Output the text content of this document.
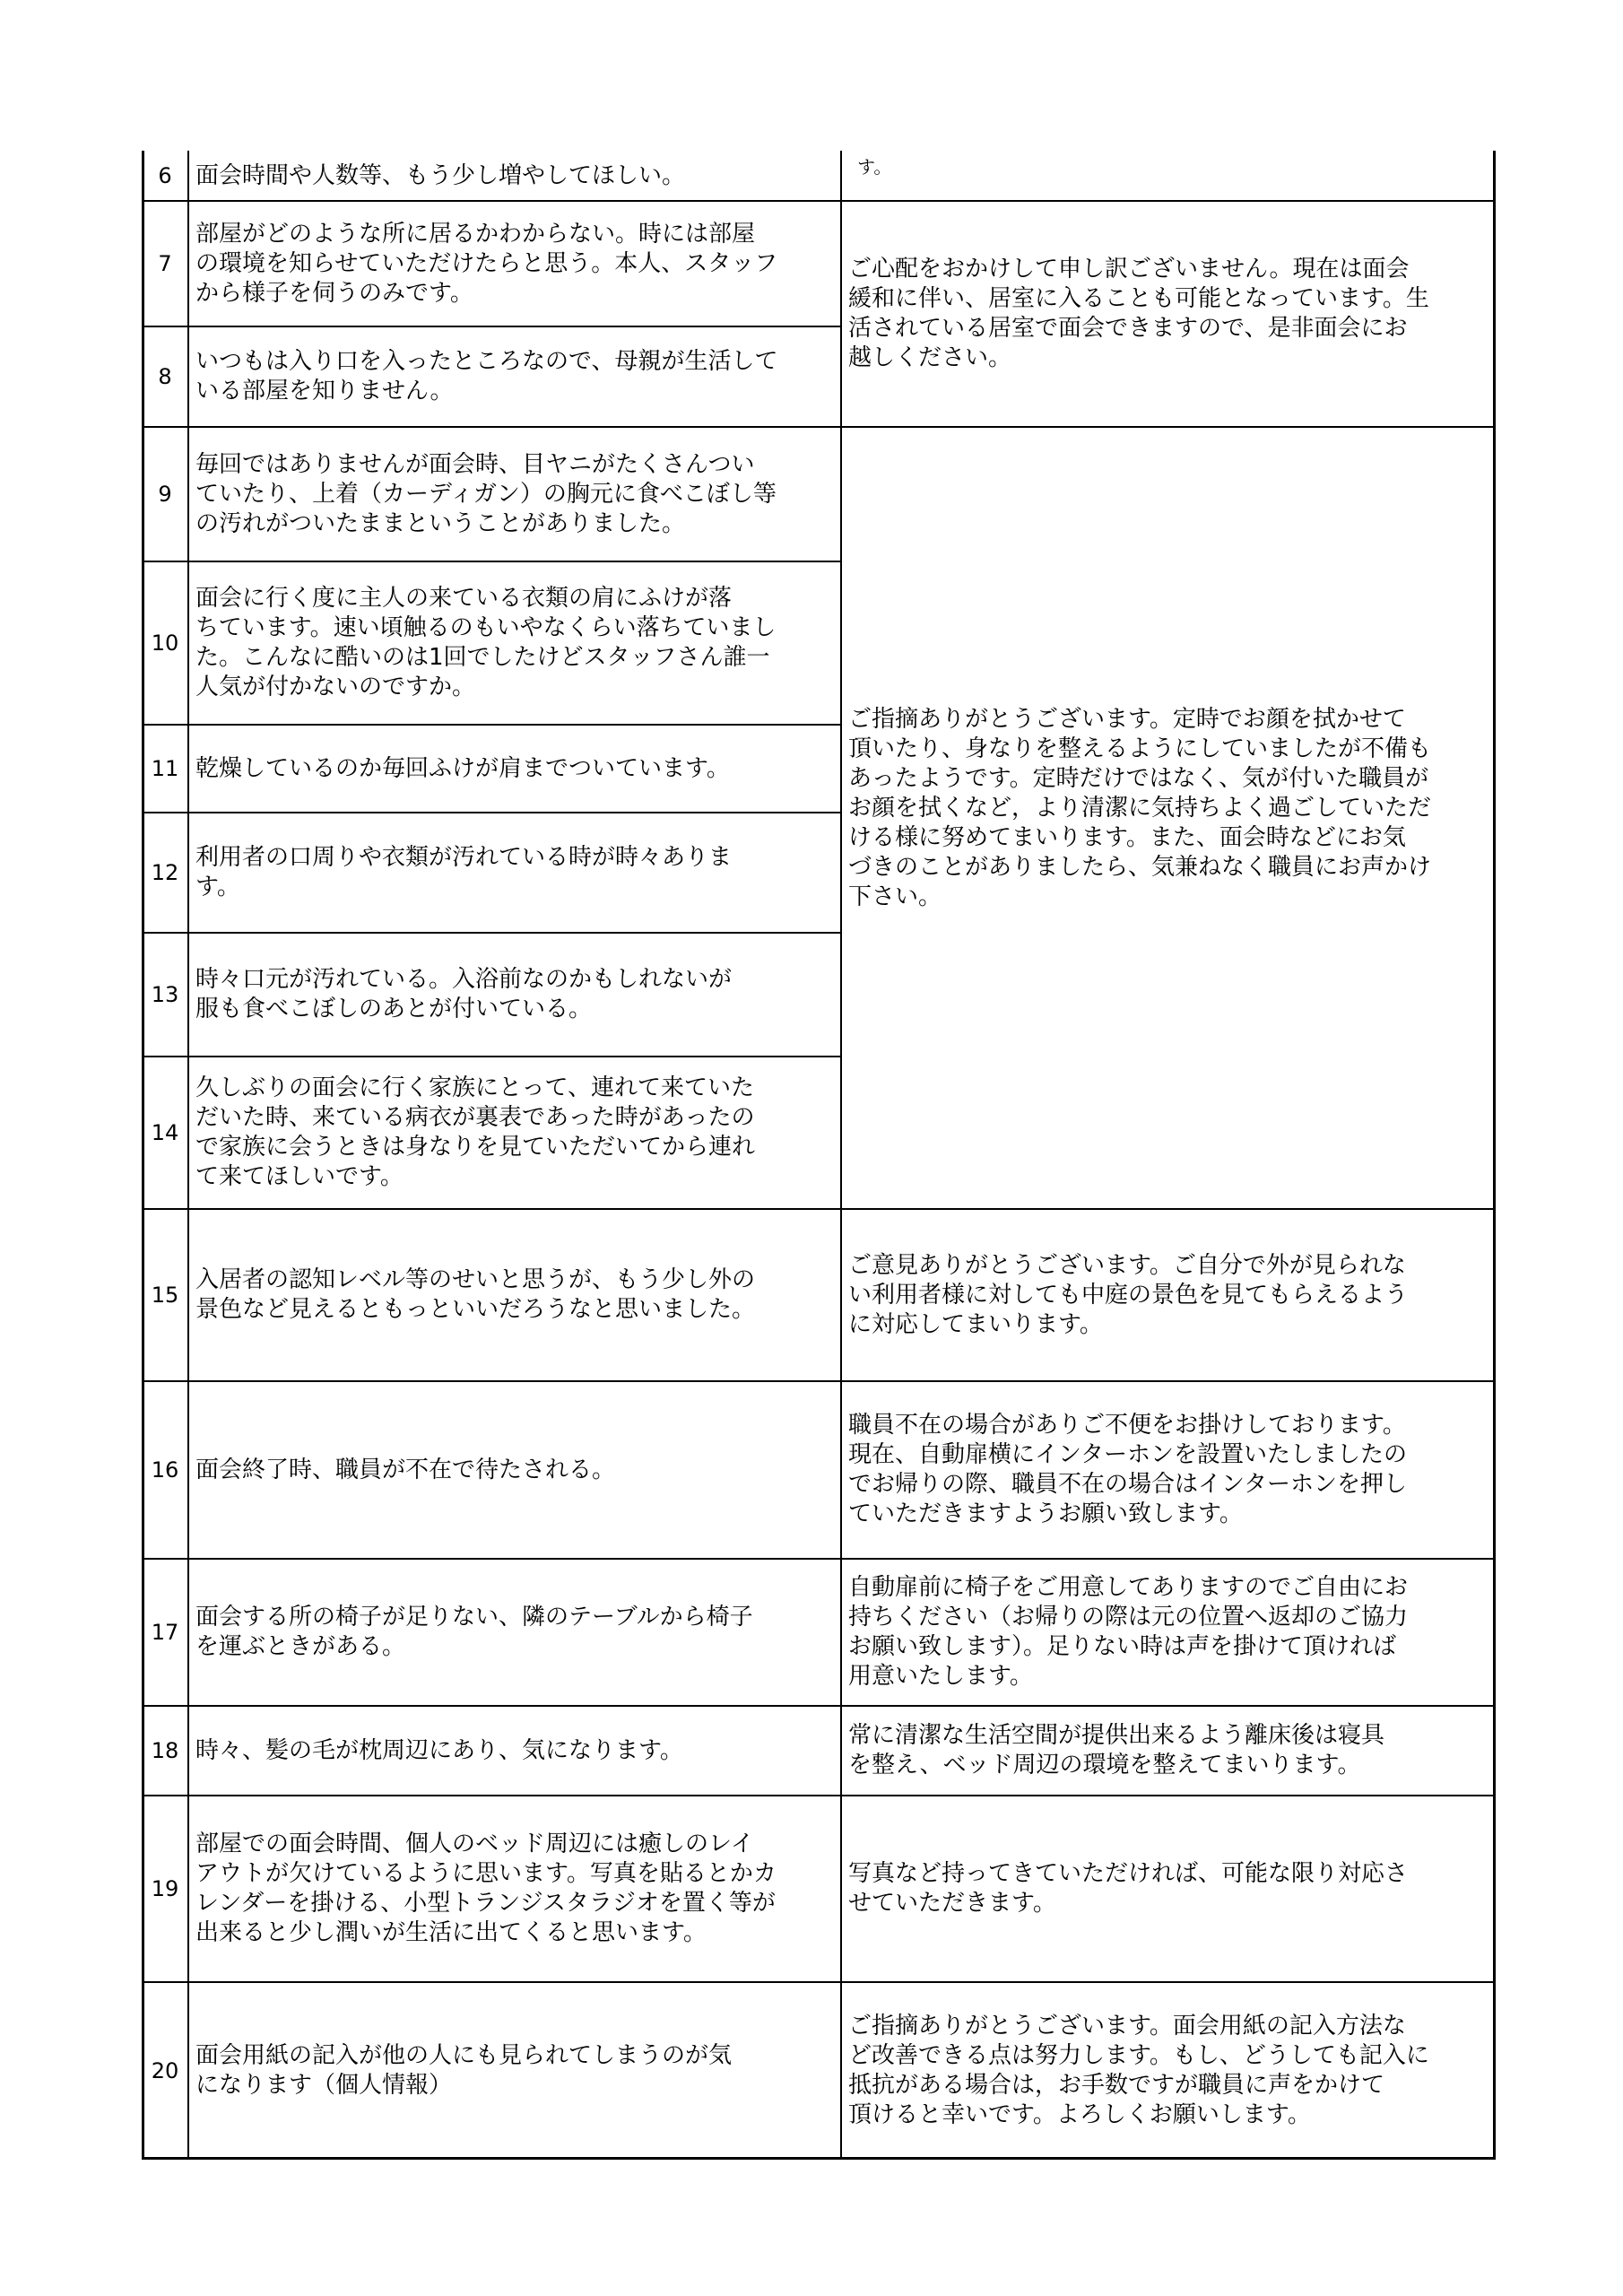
6 面会時間や人数等、もう少し増やしてほしい。
7
部屋がどのような所に居るかわからない。時には部屋
の環境を知らせていただけたらと思う。本人、スタッフ
から様子を伺うのみです。
8
いつもは入り口を入ったところなので、母親が生活して
いる部屋を知りません。
9
毎回ではありませんが面会時、目ヤニがたくさんつい
ていたり、上着（カーディガン）の胸元に食べこぼし等
の汚れがついたままということがありました。
10
面会に行く度に主人の来ている衣類の肩にふけが落
ちています。速い頃触るのもいやなくらい落ちていまし
た。こんなに酷いのは1回でしたけどスタッフさん誰一
人気が付かないのですか。
11 乾燥しているのか毎回ふけが肩までついています。
12
利用者の口周りや衣類が汚れている時が時々ありま
す。
13
時々口元が汚れている。入浴前なのかもしれないが
服も食べこぼしのあとが付いている。
14
久しぶりの面会に行く家族にとって、連れて来ていた
だいた時、来ている病衣が裏表であった時があったの
で家族に会うときは身なりを見ていただいてから連れ
て来てほしいです。
15
入居者の認知レベル等のせいと思うが、もう少し外の
景色など見えるともっといいだろうなと思いました。
16 面会終了時、職員が不在で待たされる。
17
面会する所の椅子が足りない、隣のテーブルから椅子
を運ぶときがある。
18 時々、髪の毛が枕周辺にあり、気になります。
19
部屋での面会時間、個人のベッド周辺には癒しのレイ
アウトが欠けているように思います。写真を貼るとかカ
レンダーを掛ける、小型トランジスタラジオを置く等が
出来ると少し潤いが生活に出てくると思います。
20
面会用紙の記入が他の人にも見られてしまうのが気
になります（個人情報）
ご心配をおかけして申し訳ございません。現在は面会
緩和に伴い、居室に入ることも可能となっています。生
活されている居室で面会できますので、是非面会にお
越しください。
ご指摘ありがとうございます。定時でお顔を拭かせて
頂いたり、身なりを整えるようにしていましたが不備も
あったようです。定時だけではなく、気が付いた職員が
お顔を拭くなど，より清潔に気持ちよく過ごしていただ
ける様に努めてまいります。また、面会時などにお気
づきのことがありましたら、気兼ねなく職員にお声かけ
下さい。
ご意見ありがとうございます。ご自分で外が見られな
い利用者様に対しても中庭の景色を見てもらえるよう
に対応してまいります。
職員不在の場合がありご不便をお掛けしております。
現在、自動扉横にインターホンを設置いたしましたの
でお帰りの際、職員不在の場合はインターホンを押し
ていただきますようお願い致します。
自動扉前に椅子をご用意してありますのでご自由にお
持ちください（お帰りの際は元の位置へ返却のご協力
お願い致します）。足りない時は声を掛けて頂ければ
用意いたします。
常に清潔な生活空間が提供出来るよう離床後は寝具
を整え、ベッド周辺の環境を整えてまいります。
写真など持ってきていただければ、可能な限り対応さ
せていただきます。
ご指摘ありがとうございます。面会用紙の記入方法な
ど改善できる点は努力します。もし、どうしても記入に
抵抗がある場合は，お手数ですが職員に声をかけて
頂けると幸いです。よろしくお願いします。
す。
